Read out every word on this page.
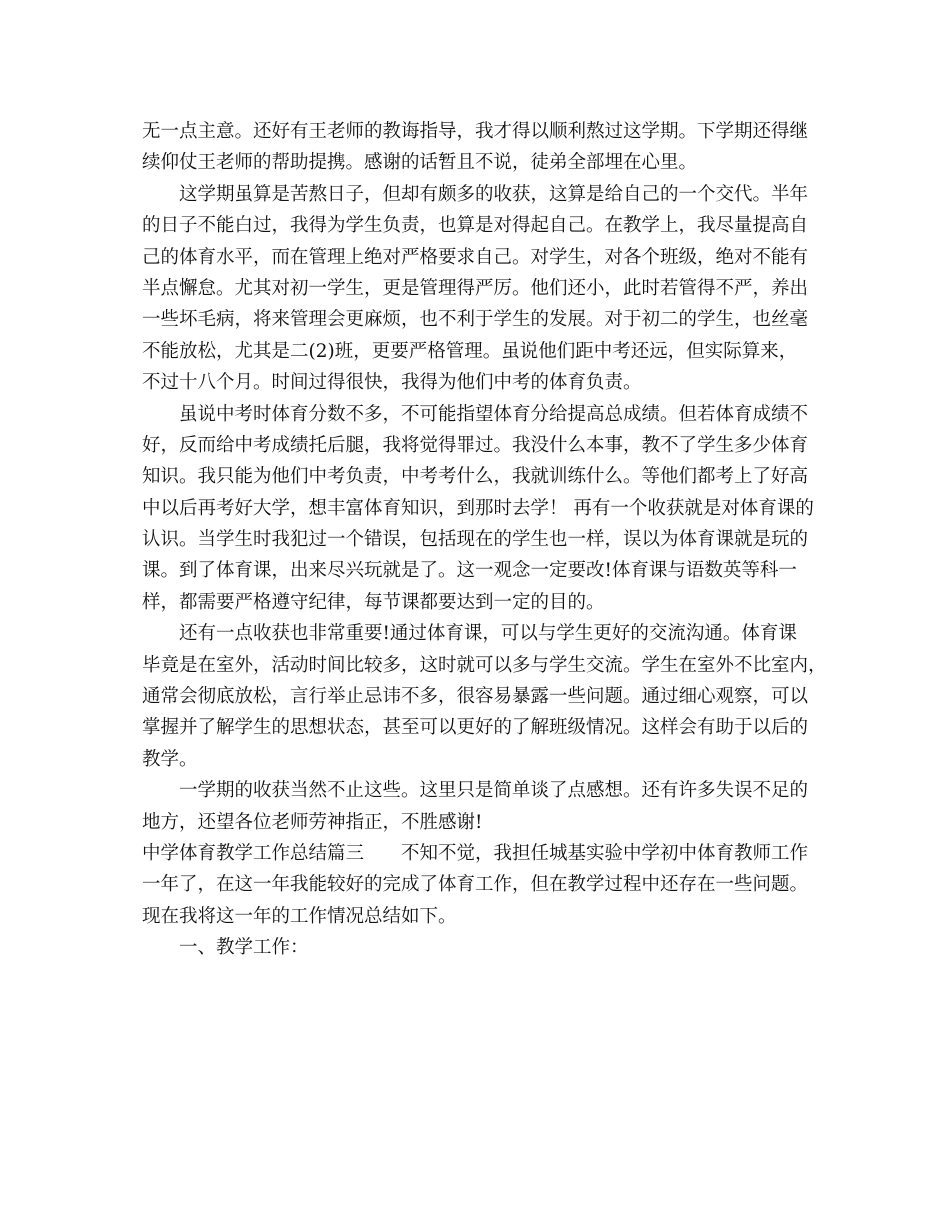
无一点主意。还好有王老师的教诲指导，我才得以顺利熬过这学期。下学期还得继

续仰仗王老师的帮助提携。感谢的话暂且不说，徒弟全部埋在心里。

这学期虽算是苦熬日子，但却有颇多的收获，这算是给自己的一个交代。半年

的日子不能白过，我得为学生负责，也算是对得起自己。在教学上，我尽量提高自

己的体育水平，而在管理上绝对严格要求自己。对学生，对各个班级，绝对不能有

半点懈怠。尤其对初一学生，更是管理得严厉。他们还小，此时若管得不严，养出

一些坏毛病，将来管理会更麻烦，也不利于学生的发展。对于初二的学生，也丝毫

不能放松，尤其是二(2)班，更要严格管理。虽说他们距中考还远，但实际算来，

不过十八个月。时间过得很快，我得为他们中考的体育负责。

虽说中考时体育分数不多，不可能指望体育分给提高总成绩。但若体育成绩不

好，反而给中考成绩托后腿，我将觉得罪过。我没什么本事，教不了学生多少体育

知识。我只能为他们中考负责，中考考什么，我就训练什么。等他们都考上了好高

中以后再考好大学，想丰富体育知识，到那时去学！ 再有一个收获就是对体育课的

认识。当学生时我犯过一个错误，包括现在的学生也一样，误以为体育课就是玩的

课。到了体育课，出来尽兴玩就是了。这一观念一定要改!体育课与语数英等科一

样，都需要严格遵守纪律，每节课都要达到一定的目的。

还有一点收获也非常重要!通过体育课，可以与学生更好的交流沟通。体育课

毕竟是在室外，活动时间比较多，这时就可以多与学生交流。学生在室外不比室内，

通常会彻底放松，言行举止忌讳不多，很容易暴露一些问题。通过细心观察，可以

掌握并了解学生的思想状态，甚至可以更好的了解班级情况。这样会有助于以后的

教学。

一学期的收获当然不止这些。这里只是简单谈了点感想。还有许多失误不足的

地方，还望各位老师劳神指正，不胜感谢!

中学体育教学工作总结篇三　　不知不觉，我担任城基实验中学初中体育教师工作

一年了，在这一年我能较好的完成了体育工作，但在教学过程中还存在一些问题。

现在我将这一年的工作情况总结如下。

一、教学工作：
